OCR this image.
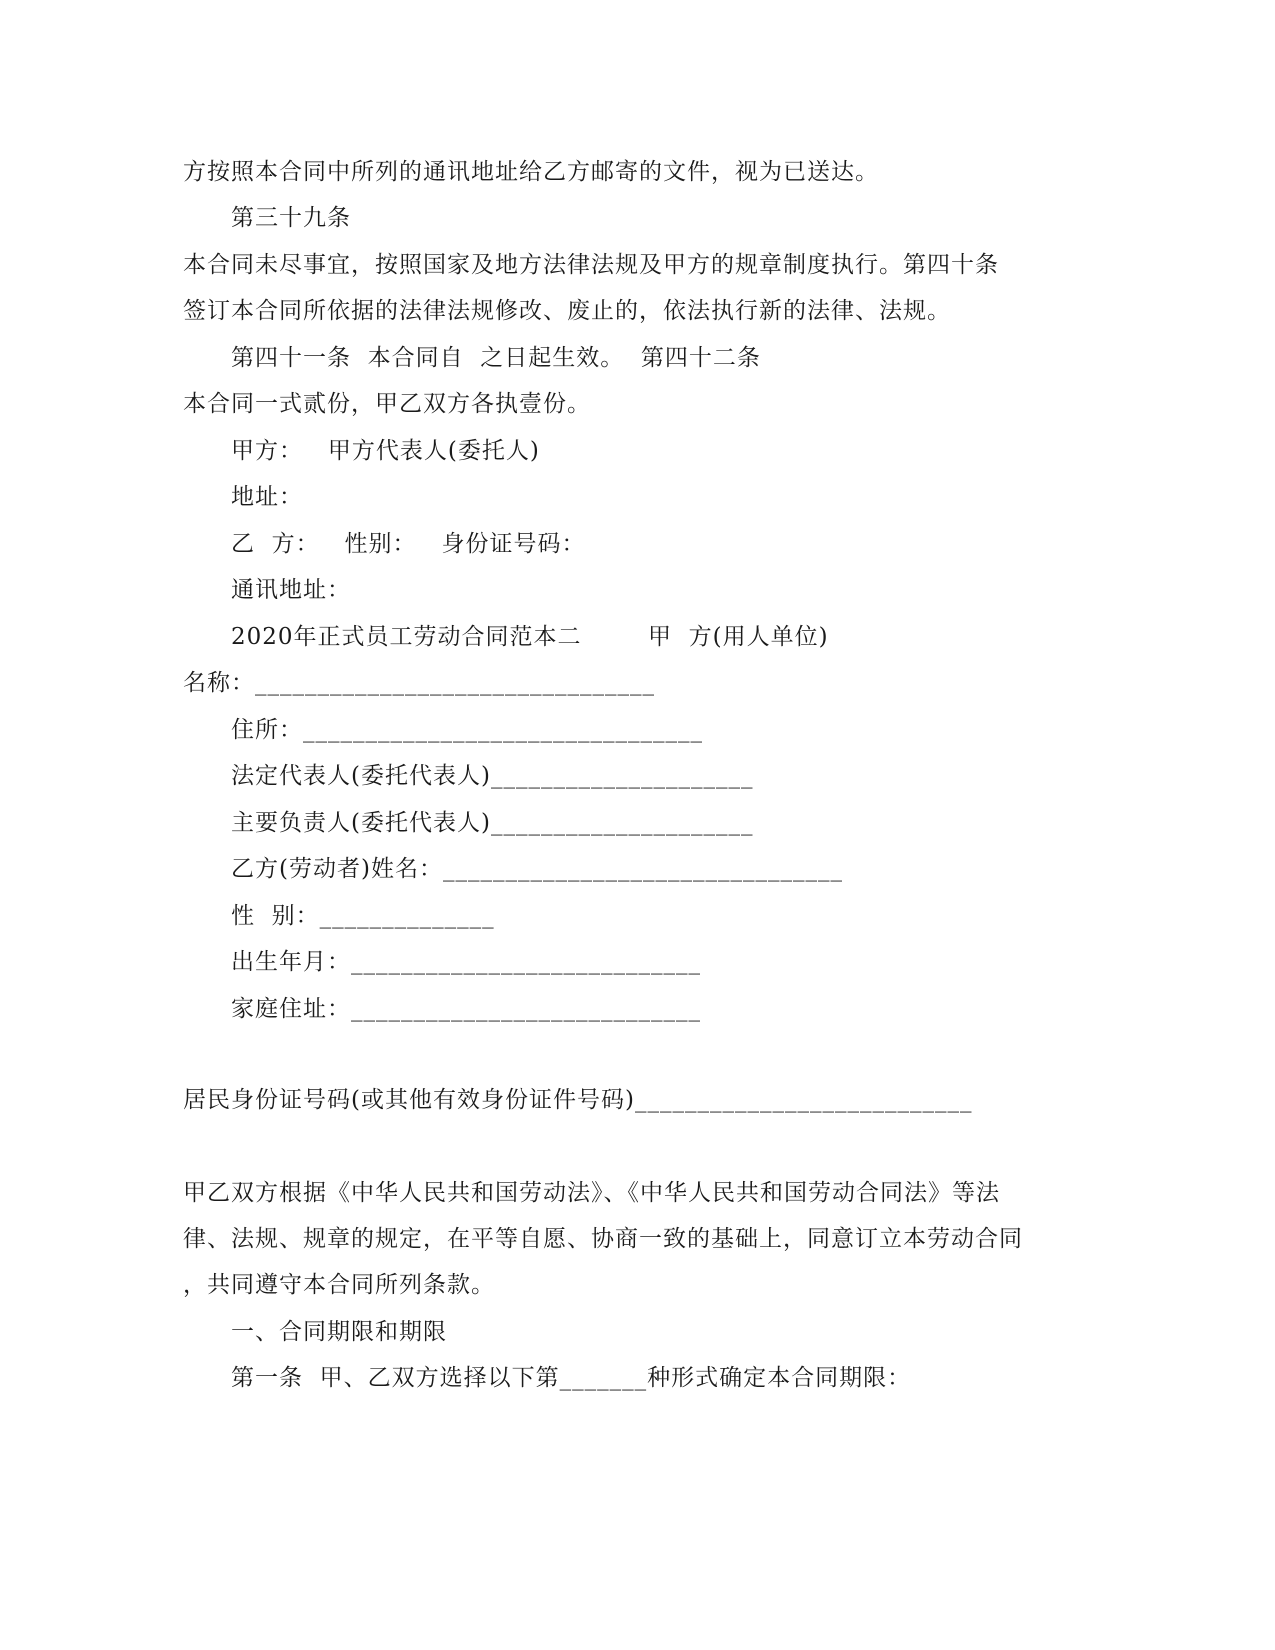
方按照本合同中所列的通讯地址给乙方邮寄的文件，视为已送达。
第三十九条
本合同未尽事宜，按照国家及地方法律法规及甲方的规章制度执行。第四十条
签订本合同所依据的法律法规修改、废止的，依法执行新的法律、法规。
第四十一条  本合同自  之日起生效。  第四十二条
本合同一式贰份，甲乙双方各执壹份。
甲方：   甲方代表人(委托人)
地址：
乙  方：   性别：   身份证号码：
通讯地址：
2020年正式员工劳动合同范本二        甲  方(用人单位)
名称：________________________________
住所：________________________________
法定代表人(委托代表人)_____________________
主要负责人(委托代表人)_____________________
乙方(劳动者)姓名：________________________________
性  别：______________
出生年月：____________________________
家庭住址：____________________________
居民身份证号码(或其他有效身份证件号码)___________________________
甲乙双方根据《中华人民共和国劳动法》、《中华人民共和国劳动合同法》等法
律、法规、规章的规定，在平等自愿、协商一致的基础上，同意订立本劳动合同
，共同遵守本合同所列条款。
一、合同期限和期限
第一条  甲、乙双方选择以下第_______种形式确定本合同期限：
